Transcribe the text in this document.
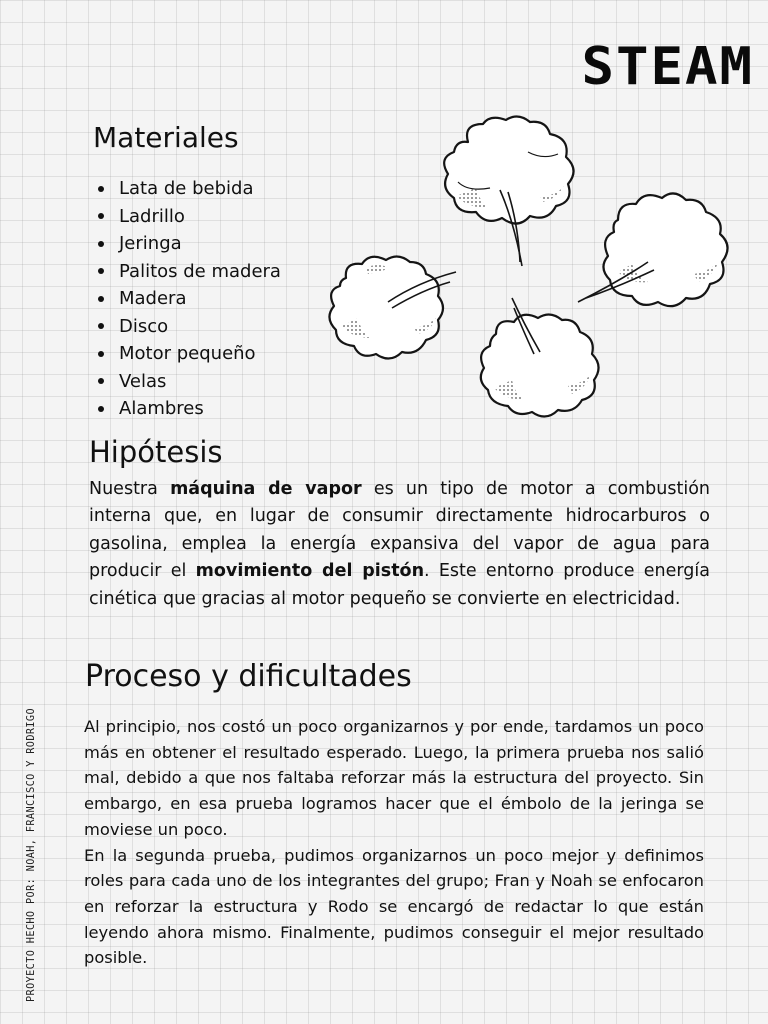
STEAM
Materiales
Lata de bebida
Ladrillo
Jeringa
Palitos de madera
Madera
Disco
Motor pequeño
Velas
Alambres
Hipótesis

Nuestra máquina de vapor es un tipo de motor a combustión interna que, en lugar de consumir directamente hidrocarburos o gasolina, emplea la energía expansiva del vapor de agua para producir el movimiento del pistón. Este entorno produce energía cinética que gracias al motor pequeño se convierte en electricidad.

Proceso y dificultades
Al principio, nos costó un poco organizarnos y por ende, tardamos un poco más en obtener el resultado esperado. Luego, la primera prueba nos salió mal, debido a que nos faltaba reforzar más la estructura del proyecto. Sin embargo, en esa prueba logramos hacer que el émbolo de la jeringa se moviese un poco.
En la segunda prueba, pudimos organizarnos un poco mejor y definimos roles para cada uno de los integrantes del grupo; Fran y Noah se enfocaron en reforzar la estructura y Rodo se encargó de redactar lo que están leyendo ahora mismo. Finalmente, pudimos conseguir el mejor resultado posible.
PROYECTO HECHO POR: NOAH, FRANCISCO Y RODRIGO
